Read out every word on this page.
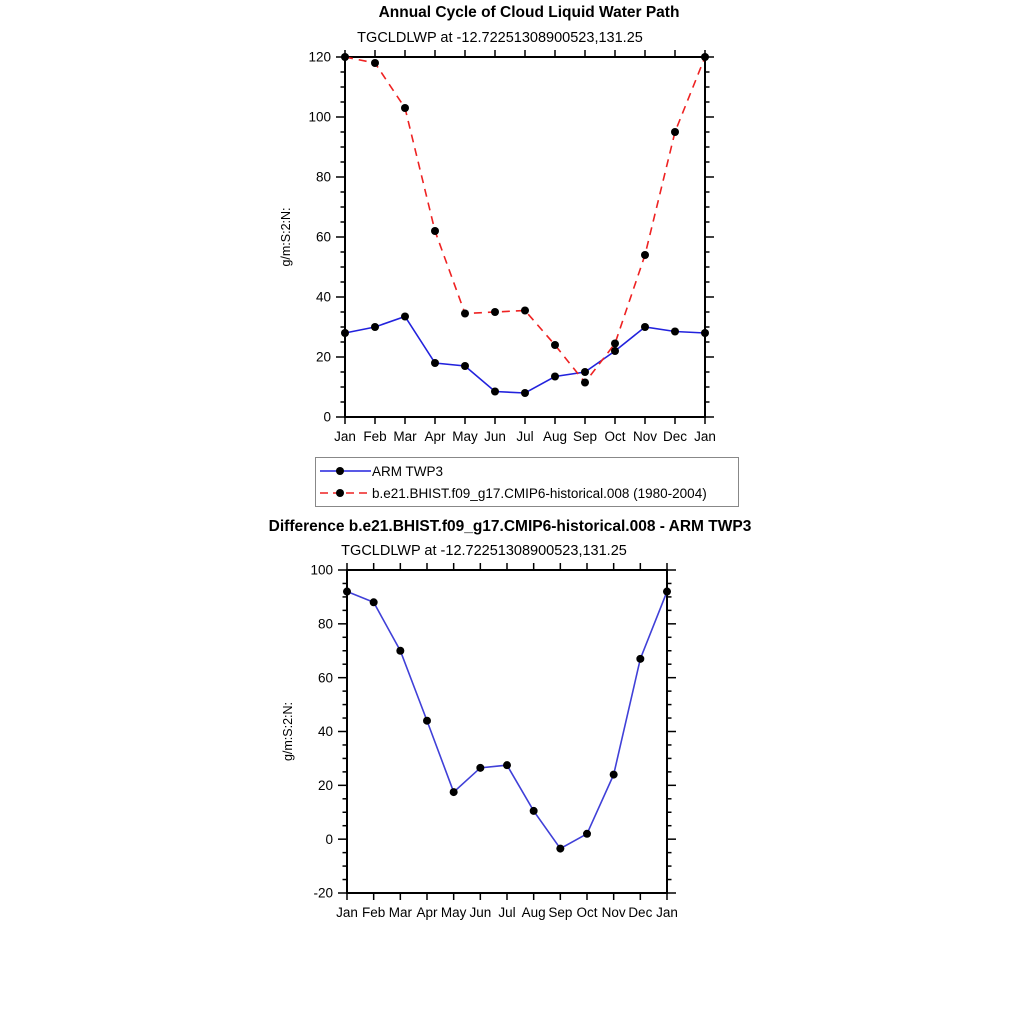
Annual Cycle of Cloud Liquid Water Path
TGCLDLWP at -12.72251308900523,131.25
0
20
40
60
80
100
120
Jan Feb Mar Apr May Jun Jul Aug Sep Oct Nov Dec Jan
g/m:S:2:N:
ARM TWP3
b.e21.BHIST.f09_g17.CMIP6-historical.008 (1980-2004)
Difference b.e21.BHIST.f09_g17.CMIP6-historical.008 - ARM TWP3
TGCLDLWP at -12.72251308900523,131.25
-20
0
20
40
60
80
100
Jan Feb Mar Apr May Jun Jul Aug Sep Oct Nov Dec Jan
g/m:S:2:N:
